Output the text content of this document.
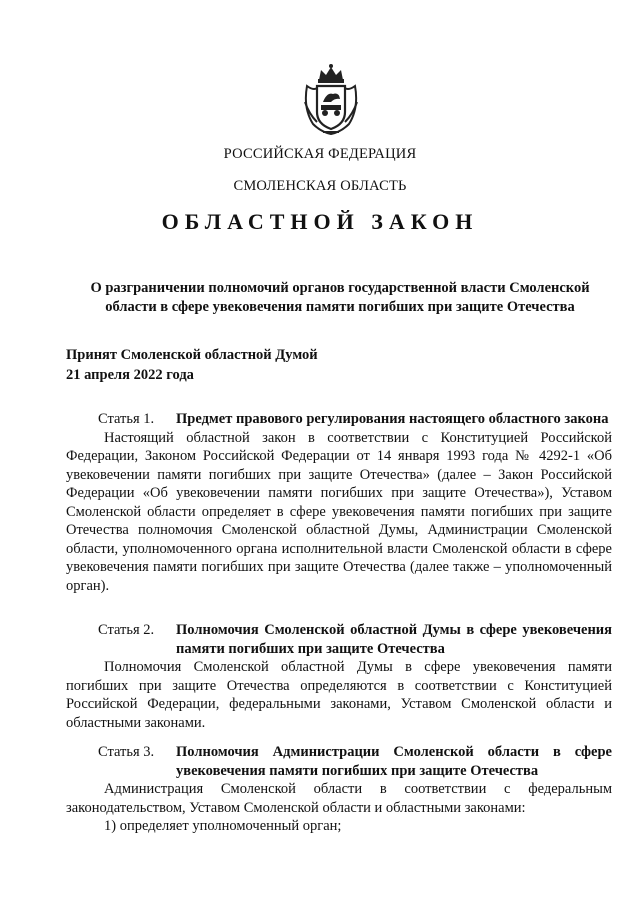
РОССИЙСКАЯ ФЕДЕРАЦИЯ
СМОЛЕНСКАЯ ОБЛАСТЬ
ОБЛАСТНОЙ ЗАКОН
О разграничении полномочий органов государственной власти Смоленской области в сфере увековечения памяти погибших при защите Отечества
Принят Смоленской областной Думой
21 апреля 2022 года
Статья 1.	Предмет правового регулирования настоящего областного закона

Настоящий областной закон в соответствии с Конституцией Российской Федерации, Законом Российской Федерации от 14 января 1993 года № 4292-1 «Об увековечении памяти погибших при защите Отечества» (далее – Закон Российской Федерации «Об увековечении памяти погибших при защите Отечества»), Уставом Смоленской области определяет в сфере увековечения памяти погибших при защите Отечества полномочия Смоленской областной Думы, Администрации Смоленской области, уполномоченного органа исполнительной власти Смоленской области в сфере увековечения памяти погибших при защите Отечества (далее также – уполномоченный орган).

Статья 2.	Полномочия Смоленской областной Думы в сфере увековечения памяти погибших при защите Отечества

Полномочия Смоленской областной Думы в сфере увековечения памяти погибших при защите Отечества определяются в соответствии с Конституцией Российской Федерации, федеральными законами, Уставом Смоленской области и областными законами.

Статья 3.	Полномочия Администрации Смоленской области в сфере увековечения памяти погибших при защите Отечества

Администрация Смоленской области в соответствии с федеральным законодательством, Уставом Смоленской области и областными законами:

1) определяет уполномоченный орган;
